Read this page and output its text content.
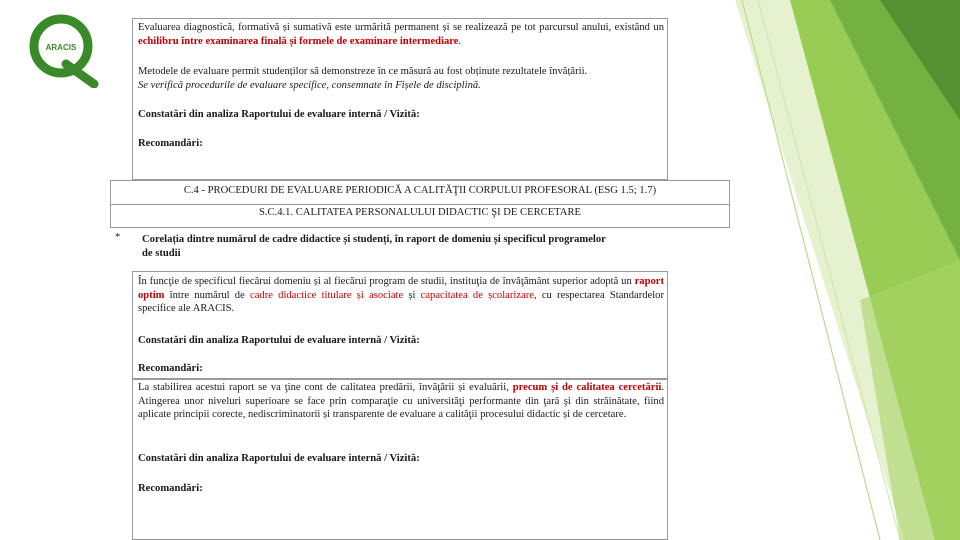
ARACIS
Evaluarea diagnostică, formativă și sumativă este urmărită permanent și se realizează pe tot parcursul anului, existând un echilibru între examinarea finală și formele de examinare intermediare.
Metodele de evaluare permit studenților să demonstreze în ce măsură au fost obținute rezultatele învățării.
Se verifică procedurile de evaluare specifice, consemnate în Fișele de disciplină.
Constatări din analiza Raportului de evaluare internă / Vizită:
Recomandări:
C.4 - PROCEDURI DE EVALUARE PERIODICĂ A CALITĂŢII CORPULUI PROFESORAL (ESG 1.5; 1.7)
S.C.4.1. CALITATEA PERSONALULUI DIDACTIC ŞI DE CERCETARE
* Corelația dintre numărul de cadre didactice și studenți, în raport de domeniu și specificul programelor de studii
În funcţie de specificul fiecărui domeniu și al fiecărui program de studii, instituţia de învăţământ superior adoptă un raport optim între numărul de cadre didactice titulare și asociate și capacitatea de școlarizare, cu respectarea Standardelor specifice ale ARACIS.
Constatări din analiza Raportului de evaluare internă / Vizită:
Recomandări:
La stabilirea acestui raport se va ţine cont de calitatea predării, învăţării și evaluării, precum și de calitatea cercetării. Atingerea unor niveluri superioare se face prin comparaţie cu universităţi performante din ţară şi din străinătate, fiind aplicate principii corecte, nediscriminatorii și transparente de evaluare a calităţii procesului didactic și de cercetare.
Constatări din analiza Raportului de evaluare internă / Vizită:
Recomandări:
